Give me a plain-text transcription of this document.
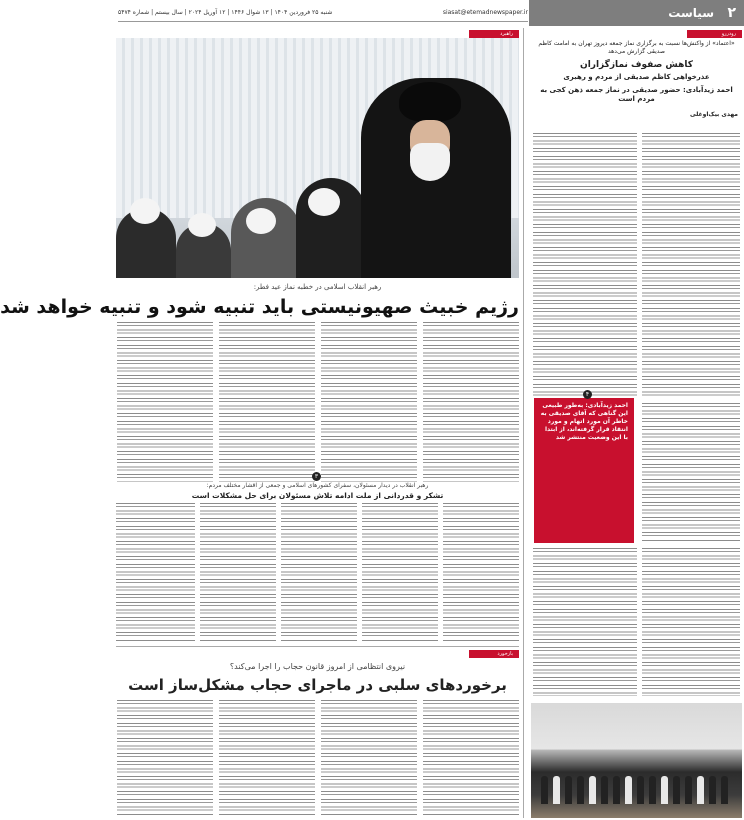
سیاست ۲
siasat@etemadnewspaper.ir
شنبه ۲۵ فروردین ۱۴۰۴ | ۱۳ شوال ۱۴۴۶ | ۱۲ آوریل ۲۰۲۴ | سال بیستم | شماره ۵۴۷۴
راهبرد	رودررو
«اعتماد» از واکنش‌ها نسبت به برگزاری نماز جمعه دیروز تهران به امامت کاظم صدیقی گزارش می‌دهد
کاهش صفوف نمازگزاران
عذرخواهی کاظم صدیقی از مردم و رهبری
احمد زیدآبادی: حضور صدیقی در نماز جمعه ذهن کجی به مردم است
مهدی بیک‌اوغلی
احمد زیدآبادی: به‌طور طبیعی این گناهی که آقای صدیقی ‌به خاطر آن مورد اتهام و مورد انتقاد قرار گرفته‌اند، از ابتدا با این وضعیت منتشر شد
۴
رهبر انقلاب اسلامی در خطبه نماز عید فطر:
رژیم خبیث صهیونیستی باید تنبیه شود و تنبیه خواهد شد
۳
رهبر انقلاب در دیدار مسئولان، سفرای کشورهای اسلامی و جمعی از اقشار مختلف مردم:
تشکر و قدردانی از ملت ادامه تلاش مسئولان برای حل مشکلات است
بازخورد
نیروی انتظامی از امروز قانون حجاب را اجرا می‌کند؟
برخوردهای سلبی در ماجرای حجاب مشکل‌ساز است
